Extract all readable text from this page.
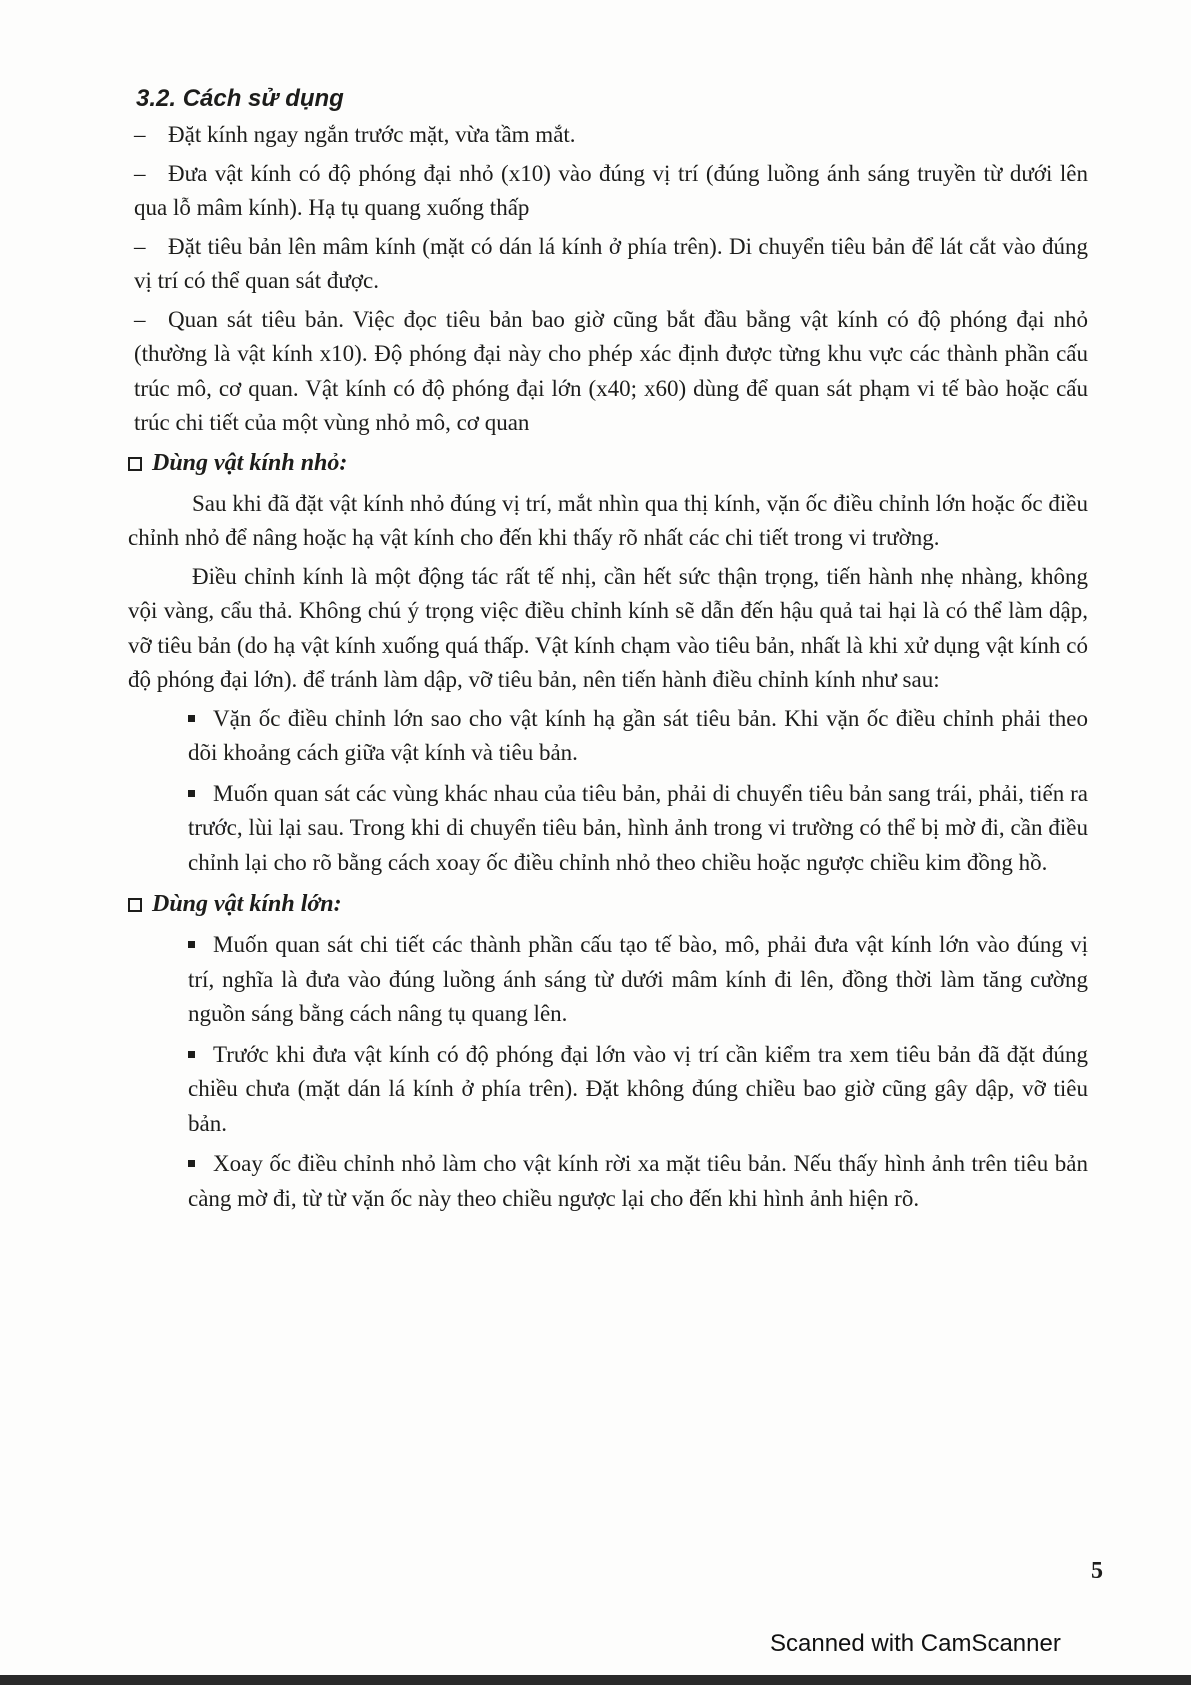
3.2. Cách sử dụng
– Đặt kính ngay ngắn trước mặt, vừa tầm mắt.
– Đưa vật kính có độ phóng đại nhỏ (x10) vào đúng vị trí (đúng luồng ánh sáng truyền từ dưới lên qua lỗ mâm kính). Hạ tụ quang xuống thấp
– Đặt tiêu bản lên mâm kính (mặt có dán lá kính ở phía trên). Di chuyển tiêu bản để lát cắt vào đúng vị trí có thể quan sát được.
– Quan sát tiêu bản. Việc đọc tiêu bản bao giờ cũng bắt đầu bằng vật kính có độ phóng đại nhỏ (thường là vật kính x10). Độ phóng đại này cho phép xác định được từng khu vực các thành phần cấu trúc mô, cơ quan. Vật kính có độ phóng đại lớn (x40; x60) dùng để quan sát phạm vi tế bào hoặc cấu trúc chi tiết của một vùng nhỏ mô, cơ quan
Dùng vật kính nhỏ:

Sau khi đã đặt vật kính nhỏ đúng vị trí, mắt nhìn qua thị kính, vặn ốc điều chỉnh lớn hoặc ốc điều chỉnh nhỏ để nâng hoặc hạ vật kính cho đến khi thấy rõ nhất các chi tiết trong vi trường.

Điều chỉnh kính là một động tác rất tế nhị, cần hết sức thận trọng, tiến hành nhẹ nhàng, không vội vàng, cẩu thả. Không chú ý trọng việc điều chỉnh kính sẽ dẫn đến hậu quả tai hại là có thể làm dập, vỡ tiêu bản (do hạ vật kính xuống quá thấp. Vật kính chạm vào tiêu bản, nhất là khi xử dụng vật kính có độ phóng đại lớn). để tránh làm dập, vỡ tiêu bản, nên tiến hành điều chỉnh kính như sau:

Vặn ốc điều chỉnh lớn sao cho vật kính hạ gần sát tiêu bản. Khi vặn ốc điều chỉnh phải theo dõi khoảng cách giữa vật kính và tiêu bản.
Muốn quan sát các vùng khác nhau của tiêu bản, phải di chuyển tiêu bản sang trái, phải, tiến ra trước, lùi lại sau. Trong khi di chuyển tiêu bản, hình ảnh trong vi trường có thể bị mờ đi, cần điều chỉnh lại cho rõ bằng cách xoay ốc điều chỉnh nhỏ theo chiều hoặc ngược chiều kim đồng hồ.
Dùng vật kính lớn:
Muốn quan sát chi tiết các thành phần cấu tạo tế bào, mô, phải đưa vật kính lớn vào đúng vị trí, nghĩa là đưa vào đúng luồng ánh sáng từ dưới mâm kính đi lên, đồng thời làm tăng cường nguồn sáng bằng cách nâng tụ quang lên.
Trước khi đưa vật kính có độ phóng đại lớn vào vị trí cần kiểm tra xem tiêu bản đã đặt đúng chiều chưa (mặt dán lá kính ở phía trên). Đặt không đúng chiều bao giờ cũng gây dập, vỡ tiêu bản.
Xoay ốc điều chỉnh nhỏ làm cho vật kính rời xa mặt tiêu bản. Nếu thấy hình ảnh trên tiêu bản càng mờ đi, từ từ vặn ốc này theo chiều ngược lại cho đến khi hình ảnh hiện rõ.
5
Scanned with CamScanner
